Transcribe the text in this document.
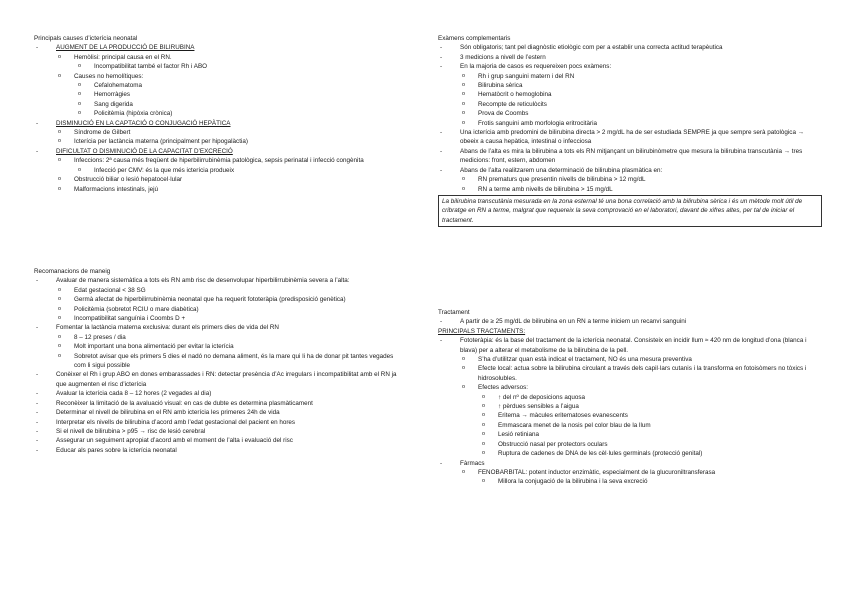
Principals causes d’icterícia neonatal
- AUGMENT DE LA PRODUCCIÓ DE BILIRUBINA
o Hemòlisi: principal causa en el RN.
o Incompatibilitat també el factor Rh i ABO
o Causes no hemolítiques:
o Cefalohematoma
o Hemorràgies
o Sang digerida
o Policitèmia (hipòxia crònica)
- DISMINUCIÓ EN LA CAPTACIÓ O CONJUGACIÓ HEPÀTICA
o Síndrome de Gilbert
o Icterícia per lactància materna (principalment per hipogalàctia)
- DIFICULTAT O DISMINUCIÓ DE LA CAPACITAT D’EXCRECIÓ
o Infeccions: 2ª causa més freqüent de hiperbilirrubinèmia patològica, sepsis perinatal i infecció congènita
o Infecció per CMV: és la que més icterícia produeix
o Obstrucció biliar o lesió hepatocel·lular
o Malformacions intestinals, jejú
Recomanacions de maneig
- Avaluar de manera sistemàtica a tots els RN amb risc de desenvolupar hiperbilirrubinèmia severa a l’alta:
o Edat gestacional < 38 SG
o Germà afectat de hiperbilirrubinèmia neonatal que ha requerit fototeràpia (predisposició genètica)
o Policitèmia (sobretot RCIU o mare diabètica)
o Incompatibilitat sanguínia i Coombs D +
- Fomentar la lactància materna exclusiva: durant els primers dies de vida del RN
o 8 – 12 preses / dia
o Molt important una bona alimentació per evitar la icterícia
o Sobretot avisar que els primers 5 dies el nadó no demana aliment, és la mare qui li ha de donar pit tantes vegades com li sigui possible
- Conèixer el Rh i grup ABO en dones embarassades i RN: detectar presència d’Ac irregulars i incompatibilitat amb el RN ja que augmenten el risc d’icterícia
- Avaluar la icterícia cada 8 – 12 hores (2 vegades al dia)
- Reconèixer la limitació de la avaluació visual: en cas de dubte es determina plasmàticament
- Determinar el nivell de bilirubina en el RN amb icterícia les primeres 24h de vida
- Interpretar els nivells de bilirubina d’acord amb l’edat gestacional del pacient en hores
- Si el nivell de bilirubina > p95 → risc de lesió cerebral
- Assegurar un seguiment apropiat d’acord amb el moment de l’alta i evaluació del risc
- Educar als pares sobre la icterícia neonatal
Exàmens complementaris
- Són obligatoris; tant pel diagnòstic etiològic com per a establir una correcta actitud terapèutica
- 3 medicions a nivell de l’estern
- En la majoria de casos es requereixen pocs exàmens:
o Rh i grup sanguini matern i del RN
o Bilirubina sèrica
o Hematòcrit o hemoglobina
o Recompte de reticulòcits
o Prova de Coombs
o Frotis sanguini amb morfologia eritrocitària
- Una icterícia amb predomini de bilirubina directa > 2 mg/dL ha de ser estudiada SEMPRE ja que sempre serà patològica → obeeix a causa hepàtica, intestinal o infecciosa
- Abans de l’alta es mira la bilirubina a tots els RN mitjançant un bilirubinòmetre que mesura la bilirubina transcutània → tres medicions: front, estern, abdomen
- Abans de l’alta realitzarem una determinació de bilirubina plasmàtica en:
o RN prematurs que presentin nivells de bilirubina > 12 mg/dL
o RN a terme amb nivells de bilirubina > 15 mg/dL
La bilirubina transcutània mesurada en la zona esternal té una bona correlació amb la bilirubina sèrica i és un mètode molt útil de cribratge en RN a terme, malgrat que requereix la seva comprovació en el laboratori, davant de xifres altes, per tal de iniciar el tractament.
Tractament
- A partir de ≥ 25 mg/dL de bilirubina en un RN a terme iniciem un recanvi sanguini
PRINCIPALS TRACTAMENTS:
- Fototeràpia: és la base del tractament de la icterícia neonatal. Consisteix en incidir llum ≈ 420 nm de longitud d’ona (blanca i blava) per a alterar el metabolisme de la bilirubina de la pell.
o S’ha d’utilitzar quan està indicat el tractament, NO és una mesura preventiva
o Efecte local: actua sobre la bilirubina circulant a través dels capil·lars cutanis i la transforma en fotoisòmers no tòxics i hidrosolubles.
o Efectes adversos:
o ↑ del nº de deposicions aquosa
o ↑ pèrdues sensibles a l’aigua
o Eritema → màcules eritematoses evanescents
o Emmascara menet de la nosis pel color blau de la llum
o Lesió retiniana
o Obstrucció nasal per protectors oculars
o Ruptura de cadenes de DNA de les cèl·lules germinals (protecció genital)
- Fàrmacs
o FENOBARBITAL: potent inductor enzimàtic, especialment de la glucuroniltransferasa
o Millora la conjugació de la bilirubina i la seva excreció
